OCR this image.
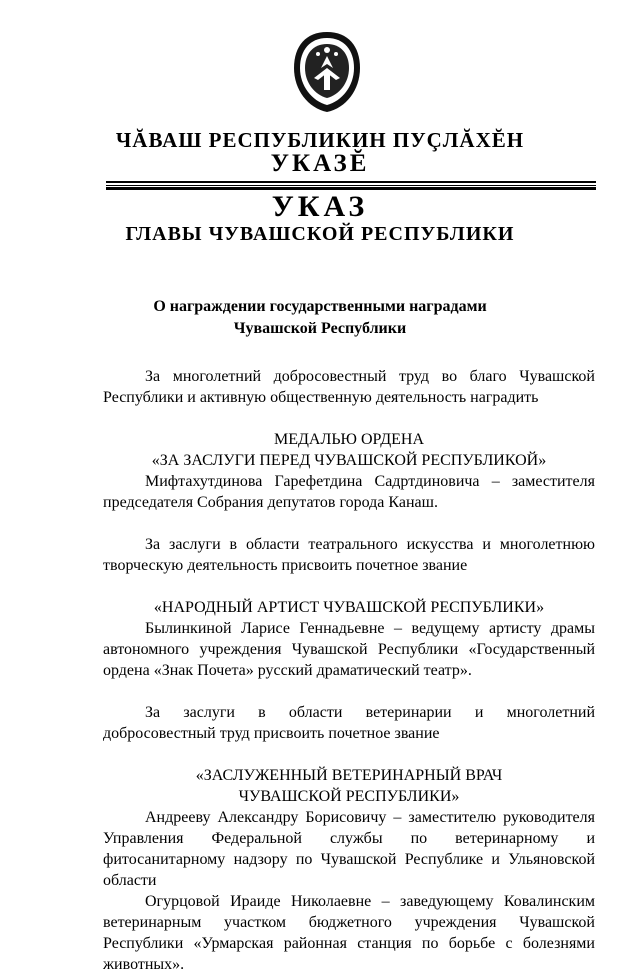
ЧĂВАШ РЕСПУБЛИКИН ПУÇЛĂХĔН
УКАЗĔ
УКАЗ
ГЛАВЫ ЧУВАШСКОЙ РЕСПУБЛИКИ
О награждении государственными наградами
Чувашской Республики

За многолетний добросовестный труд во благо Чувашской Республики и активную общественную деятельность наградить

МЕДАЛЬЮ ОРДЕНА

«ЗА ЗАСЛУГИ ПЕРЕД ЧУВАШСКОЙ РЕСПУБЛИКОЙ»

Мифтахутдинова Гарефетдина Садртдиновича – заместителя председателя Собрания депутатов города Канаш.

За заслуги в области театрального искусства и многолетнюю творческую деятельность присвоить почетное звание

«НАРОДНЫЙ АРТИСТ ЧУВАШСКОЙ РЕСПУБЛИКИ»

Былинкиной Ларисе Геннадьевне – ведущему артисту драмы автономного учреждения Чувашской Республики «Государственный ордена «Знак Почета» русский драматический театр».

За заслуги в области ветеринарии и многолетний добросовестный труд присвоить почетное звание

«ЗАСЛУЖЕННЫЙ ВЕТЕРИНАРНЫЙ ВРАЧ

ЧУВАШСКОЙ РЕСПУБЛИКИ»

Андрееву Александру Борисовичу – заместителю руководителя Управления Федеральной службы по ветеринарному и фитосанитарному надзору по Чувашской Республике и Ульяновской области

Огурцовой Ираиде Николаевне – заведующему Ковалинским ветеринарным участком бюджетного учреждения Чувашской Республики «Урмарская районная станция по борьбе с болезнями животных».
